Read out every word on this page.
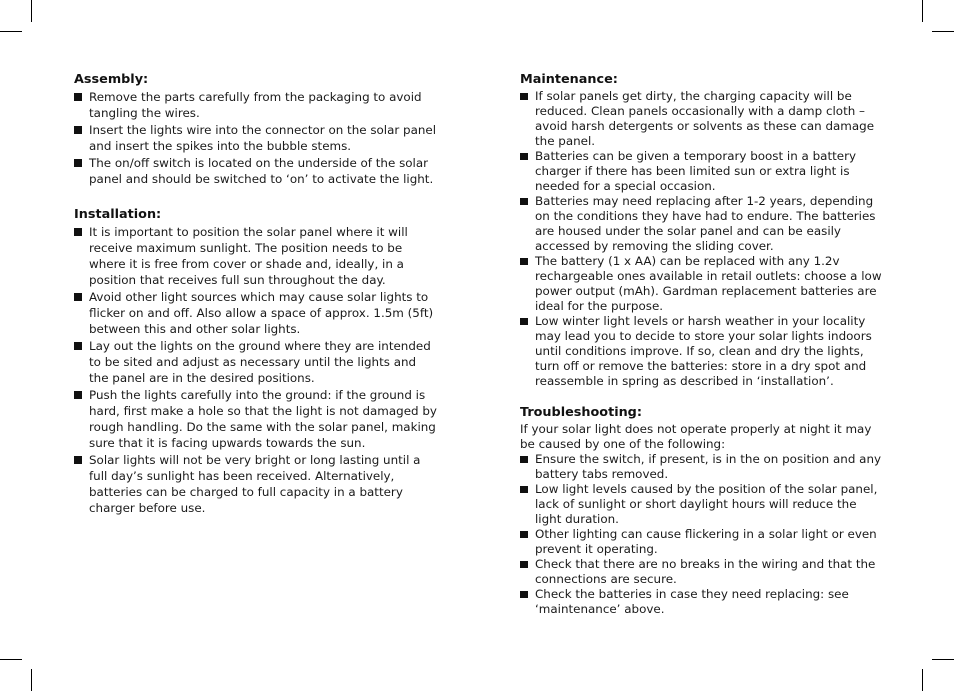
Assembly:
Remove the parts carefully from the packaging to avoid tangling the wires.
Insert the lights wire into the connector on the solar panel and insert the spikes into the bubble stems.
The on/off switch is located on the underside of the solar panel and should be switched to ‘on’ to activate the light.
Installation:
It is important to position the solar panel where it will receive maximum sunlight. The position needs to be where it is free from cover or shade and, ideally, in a position that receives full sun throughout the day.
Avoid other light sources which may cause solar lights to flicker on and off. Also allow a space of approx. 1.5m (5ft) between this and other solar lights.
Lay out the lights on the ground where they are intended to be sited and adjust as necessary until the lights and the panel are in the desired positions.
Push the lights carefully into the ground: if the ground is hard, first make a hole so that the light is not damaged by rough handling. Do the same with the solar panel, making sure that it is facing upwards towards the sun.
Solar lights will not be very bright or long lasting until a full day’s sunlight has been received. Alternatively, batteries can be charged to full capacity in a battery charger before use.
Maintenance:
If solar panels get dirty, the charging capacity will be reduced. Clean panels occasionally with a damp cloth – avoid harsh detergents or solvents as these can damage the panel.
Batteries can be given a temporary boost in a battery charger if there has been limited sun or extra light is needed for a special occasion.
Batteries may need replacing after 1-2 years, depending on the conditions they have had to endure. The batteries are housed under the solar panel and can be easily accessed by removing the sliding cover.
The battery (1 x AA) can be replaced with any 1.2v rechargeable ones available in retail outlets: choose a low power output (mAh). Gardman replacement batteries are ideal for the purpose.
Low winter light levels or harsh weather in your locality may lead you to decide to store your solar lights indoors until conditions improve. If so, clean and dry the lights, turn off or remove the batteries: store in a dry spot and reassemble in spring as described in ‘installation’.
Troubleshooting:

If your solar light does not operate properly at night it may be caused by one of the following:

Ensure the switch, if present, is in the on position and any battery tabs removed.
Low light levels caused by the position of the solar panel, lack of sunlight or short daylight hours will reduce the light duration.
Other lighting can cause flickering in a solar light or even prevent it operating.
Check that there are no breaks in the wiring and that the connections are secure.
Check the batteries in case they need replacing: see ‘maintenance’ above.
